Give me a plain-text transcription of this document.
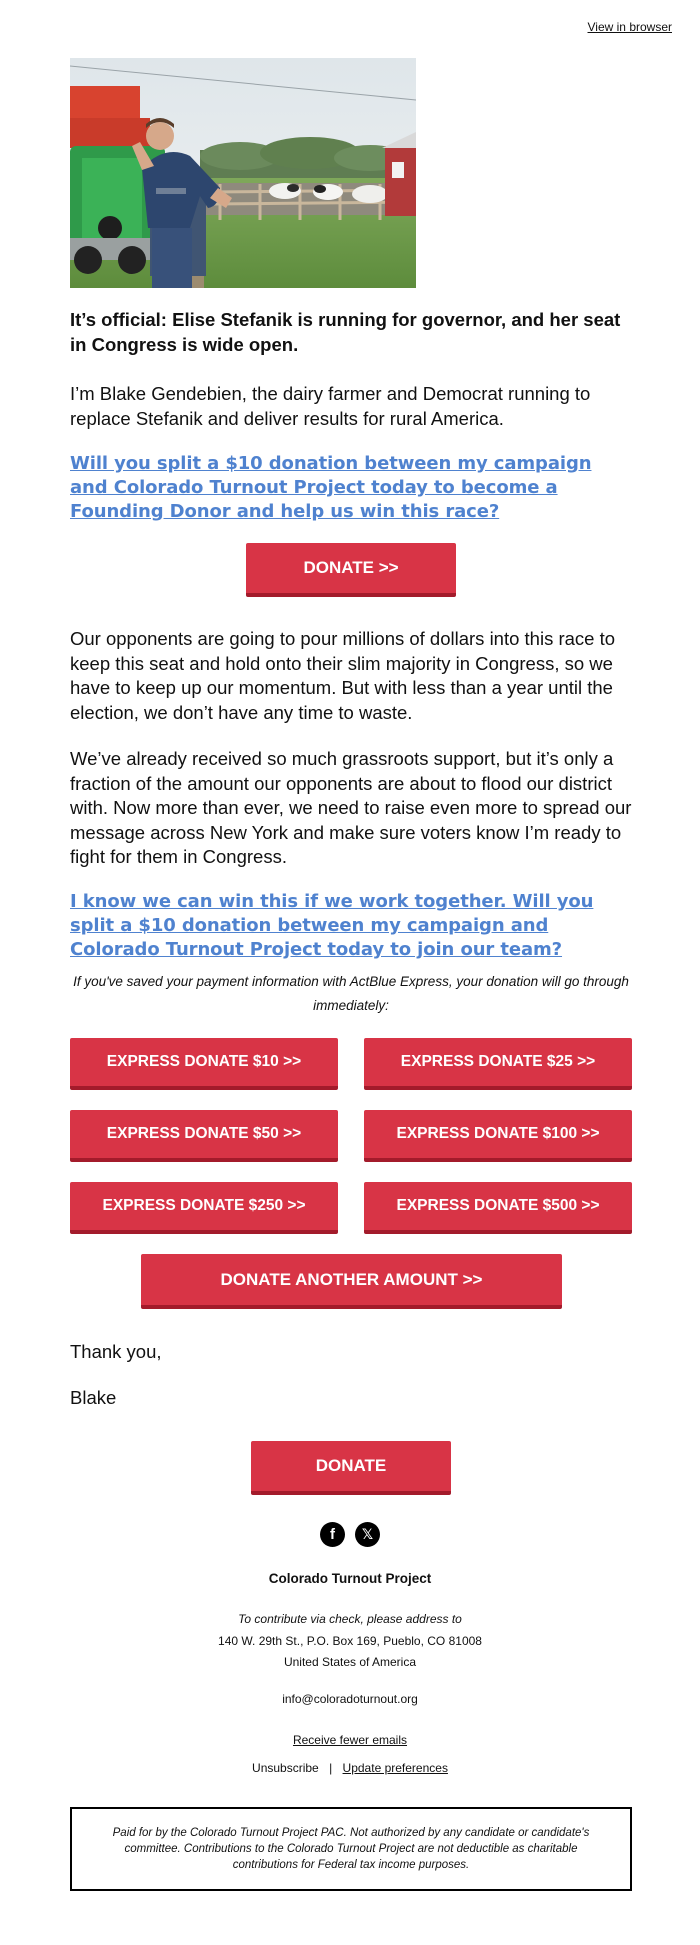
View in browser

It’s official: Elise Stefanik is running for governor, and her seat in Congress is wide open.

I’m Blake Gendebien, the dairy farmer and Democrat running to replace Stefanik and deliver results for rural America.

Will you split a $10 donation between my campaign and Colorado Turnout Project today to become a Founding Donor and help us win this race?
DONATE >>

Our opponents are going to pour millions of dollars into this race to keep this seat and hold onto their slim majority in Congress, so we have to keep up our momentum. But with less than a year until the election, we don’t have any time to waste.

We’ve already received so much grassroots support, but it’s only a fraction of the amount our opponents are about to flood our district with. Now more than ever, we need to raise even more to spread our message across New York and make sure voters know I’m ready to fight for them in Congress.

I know we can win this if we work together. Will you split a $10 donation between my campaign and Colorado Turnout Project today to join our team?
If you've saved your payment information with ActBlue Express, your donation will go through immediately:
EXPRESS DONATE $10 >>	EXPRESS DONATE $25 >>
EXPRESS DONATE $50 >>	EXPRESS DONATE $100 >>
EXPRESS DONATE $250 >>	EXPRESS DONATE $500 >>
DONATE ANOTHER AMOUNT >>

Thank you,

Blake

DONATE
f	𝕏
Colorado Turnout Project
To contribute via check, please address to
140 W. 29th St., P.O. Box 169, Pueblo, CO 81008
United States of America
info@coloradoturnout.org
Receive fewer emails
Unsubscribe | Update preferences
Paid for by the Colorado Turnout Project PAC. Not authorized by any candidate or candidate's committee. Contributions to the Colorado Turnout Project are not deductible as charitable contributions for Federal tax income purposes.
